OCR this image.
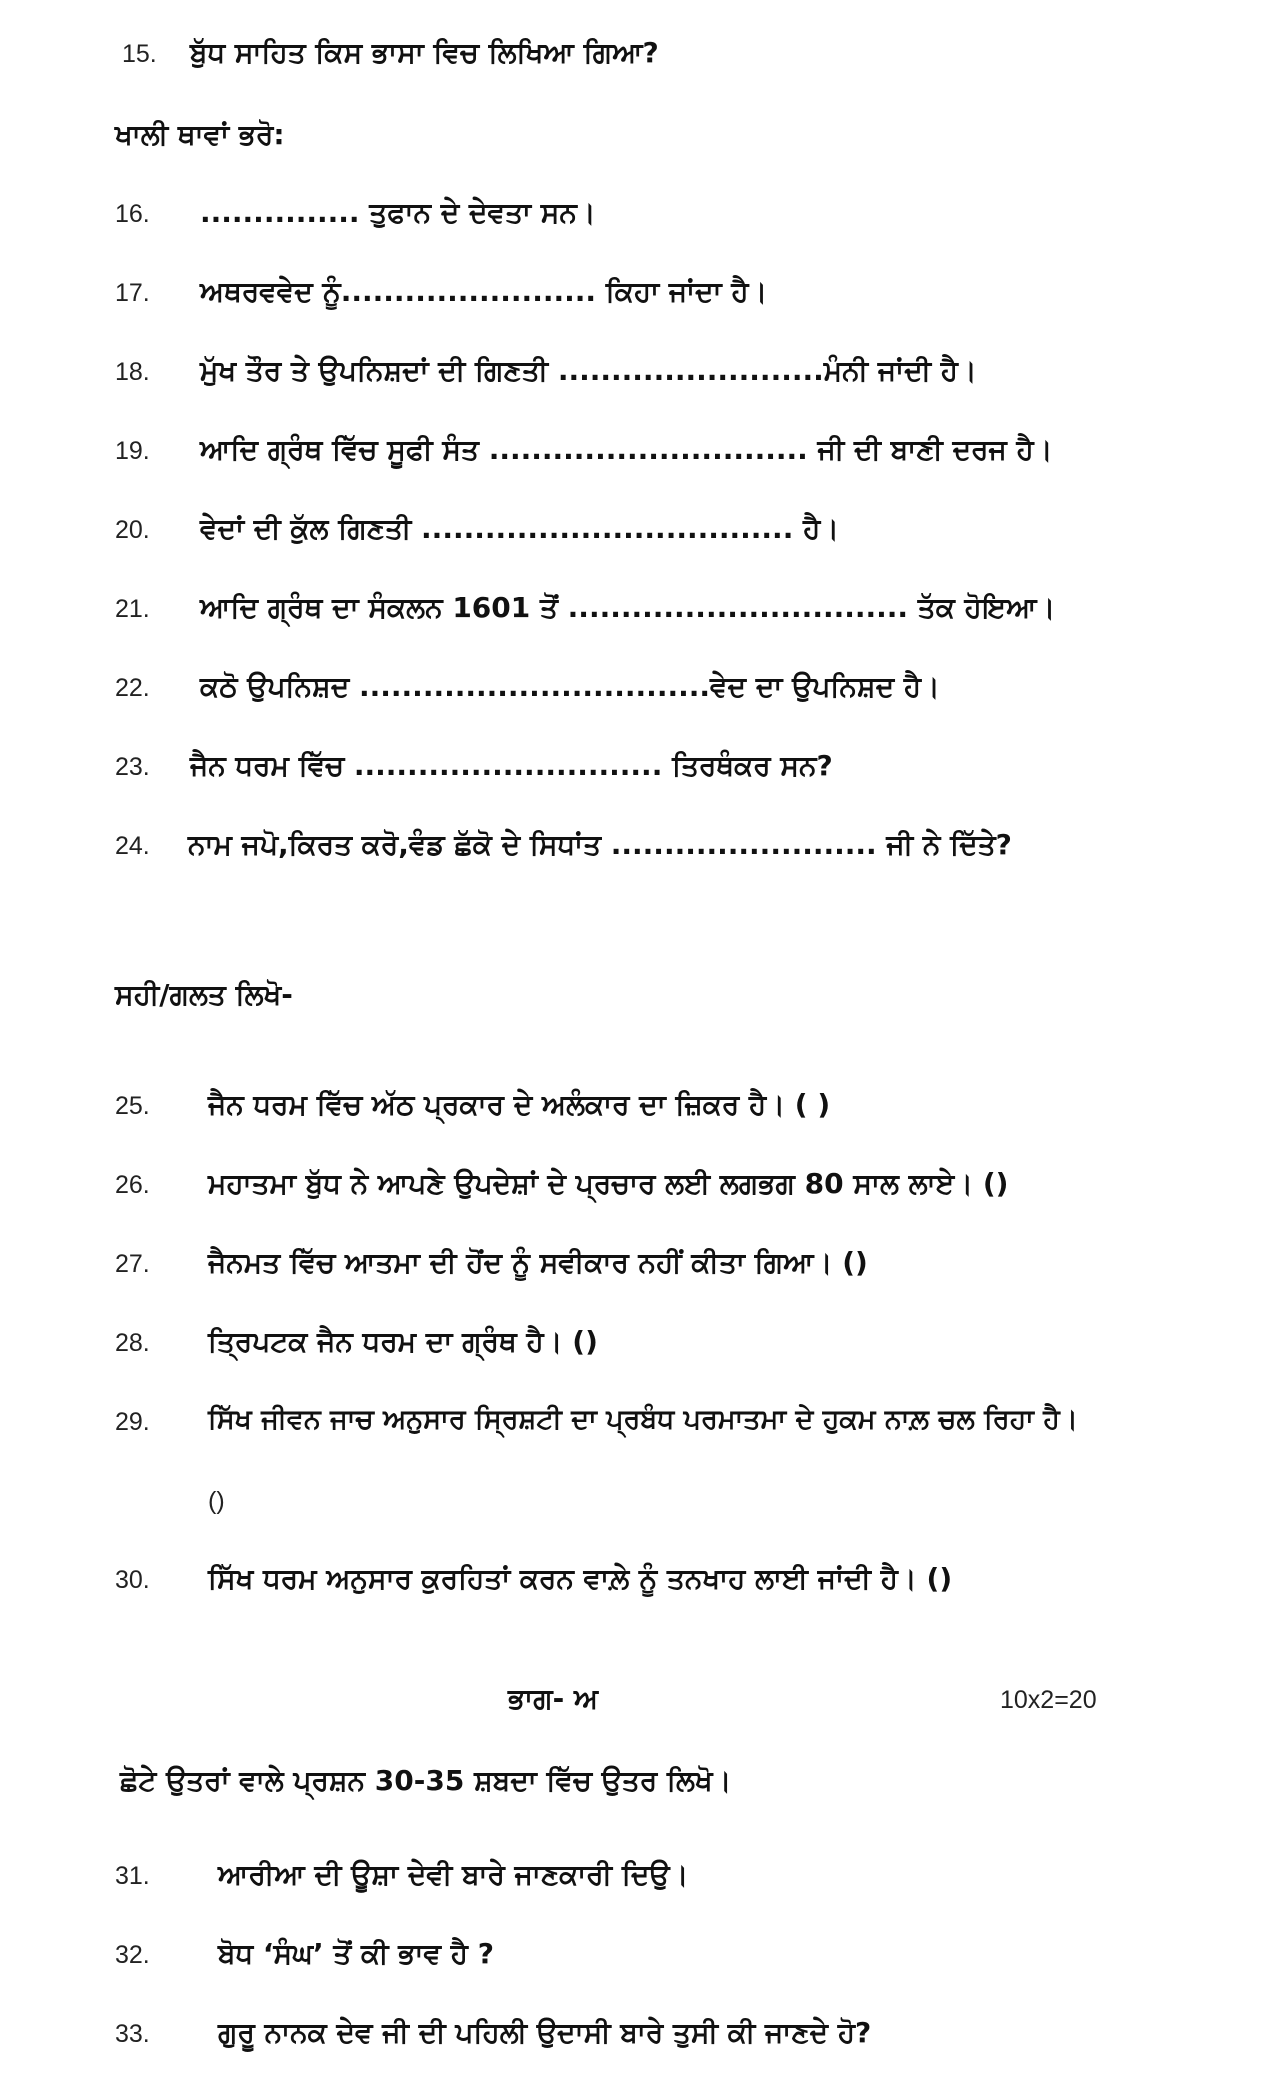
15. ਬੁੱਧ ਸਾਹਿਤ ਕਿਸ ਭਾਸਾ ਵਿਚ ਲਿਖਿਆ ਗਿਆ?
ਖਾਲੀ ਥਾਵਾਂ ਭਰੋ:
16. ............... ਤੁਫਾਨ ਦੇ ਦੇਵਤਾ ਸਨ।
17. ਅਥਰਵਵੇਦ ਨੂੰ........................ ਕਿਹਾ ਜਾਂਦਾ ਹੈ।
18. ਮੁੱਖ ਤੌਰ ਤੇ ਉਪਨਿਸ਼ਦਾਂ ਦੀ ਗਿਣਤੀ .........................ਮੰਨੀ ਜਾਂਦੀ ਹੈ।
19. ਆਦਿ ਗ੍ਰੰਥ ਵਿੱਚ ਸੂਫੀ ਸੰਤ .............................. ਜੀ ਦੀ ਬਾਣੀ ਦਰਜ ਹੈ।
20. ਵੇਦਾਂ ਦੀ ਕੁੱਲ ਗਿਣਤੀ ................................... ਹੈ।
21. ਆਦਿ ਗ੍ਰੰਥ ਦਾ ਸੰਕਲਨ 1601 ਤੋਂ ................................ ਤੱਕ ਹੋਇਆ।
22. ਕਠੋ ਉਪਨਿਸ਼ਦ .................................ਵੇਦ ਦਾ ਉਪਨਿਸ਼ਦ ਹੈ।
23. ਜੈਨ ਧਰਮ ਵਿੱਚ ............................. ਤਿਰਥੰਕਰ ਸਨ?
24. ਨਾਮ ਜਪੋ,ਕਿਰਤ ਕਰੋ,ਵੰਡ ਛੱਕੋ ਦੇ ਸਿਧਾਂਤ ......................... ਜੀ ਨੇ ਦਿੱਤੇ?
ਸਹੀ/ਗਲਤ ਲਿਖੋ-
25. ਜੈਨ ਧਰਮ ਵਿੱਚ ਅੱਠ ਪ੍ਰਕਾਰ ਦੇ ਅਲੰਕਾਰ ਦਾ ਜ਼ਿਕਰ ਹੈ। ( )
26. ਮਹਾਤਮਾ ਬੁੱਧ ਨੇ ਆਪਣੇ ਉਪਦੇਸ਼ਾਂ ਦੇ ਪ੍ਰਚਾਰ ਲਈ ਲਗਭਗ 80 ਸਾਲ ਲਾਏ। ()
27. ਜੈਨਮਤ ਵਿੱਚ ਆਤਮਾ ਦੀ ਹੋਂਦ ਨੂੰ ਸਵੀਕਾਰ ਨਹੀਂ ਕੀਤਾ ਗਿਆ। ()
28. ਤ੍ਰਿਪਟਕ ਜੈਨ ਧਰਮ ਦਾ ਗ੍ਰੰਥ ਹੈ। ()
29. ਸਿੱਖ ਜੀਵਨ ਜਾਚ ਅਨੁਸਾਰ ਸ੍ਰਿਸ਼ਟੀ ਦਾ ਪ੍ਰਬੰਧ ਪਰਮਾਤਮਾ ਦੇ ਹੁਕਮ ਨਾਲ਼ ਚਲ ਰਿਹਾ ਹੈ।
()
30. ਸਿੱਖ ਧਰਮ ਅਨੁਸਾਰ ਕੁਰਹਿਤਾਂ ਕਰਨ ਵਾਲ਼ੇ ਨੂੰ ਤਨਖਾਹ ਲਾਈ ਜਾਂਦੀ ਹੈ। ()
ਭਾਗ- ਅ	10x2=20
ਛੋਟੇ ਉਤਰਾਂ ਵਾਲੇ ਪ੍ਰਸ਼ਨ 30-35 ਸ਼ਬਦਾ ਵਿੱਚ ਉਤਰ ਲਿਖੋ।
31. ਆਰੀਆ ਦੀ ਊਸ਼ਾ ਦੇਵੀ ਬਾਰੇ ਜਾਣਕਾਰੀ ਦਿਉ।
32. ਬੋਧ ‘ਸੰਘ’ ਤੋਂ ਕੀ ਭਾਵ ਹੈ ?
33. ਗੁਰੂ ਨਾਨਕ ਦੇਵ ਜੀ ਦੀ ਪਹਿਲੀ ਉਦਾਸੀ ਬਾਰੇ ਤੁਸੀ ਕੀ ਜਾਣਦੇ ਹੋ?
